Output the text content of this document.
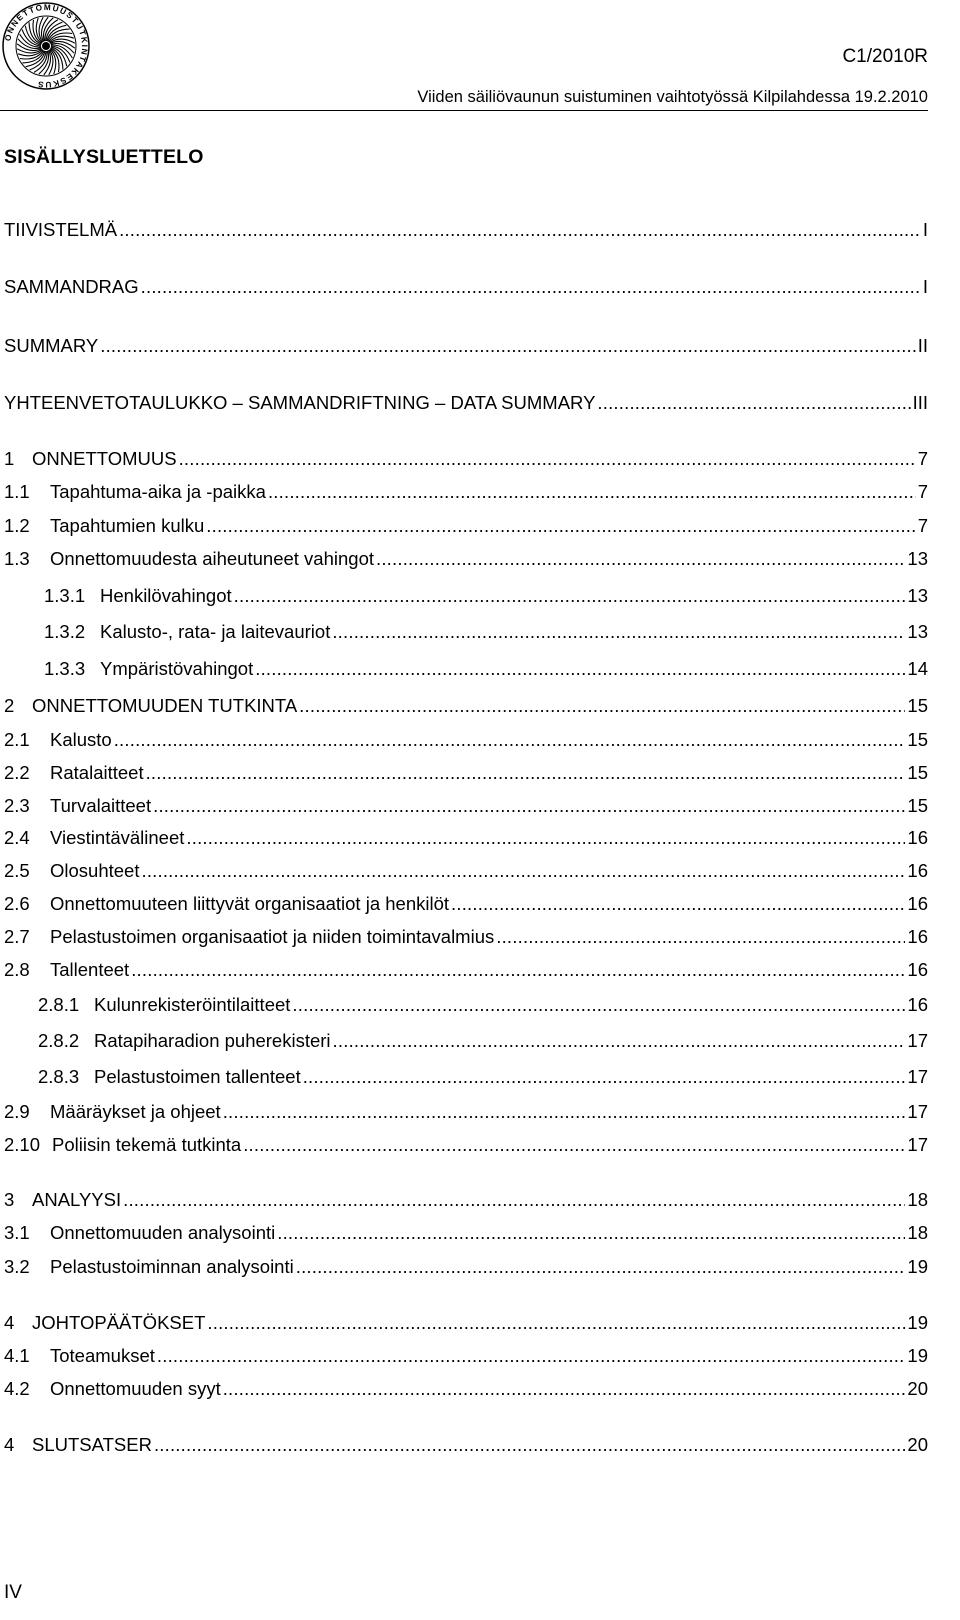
ONNETTOMUUSTUTKINTAKESKUS
C1/2010R
Viiden säiliövaunun suistuminen vaihtotyössä Kilpilahdessa 19.2.2010
SISÄLLYSLUETTELO
TIIVISTELMÄ .....	I
SAMMANDRAG .....	I
SUMMARY .....	II
YHTEENVETOTAULUKKO – SAMMANDRIFTNING – DATA SUMMARY .....	III
1 ONNETTOMUUS .....	7
1.1	Tapahtuma-aika ja -paikka .....	7
1.2	Tapahtumien kulku .....	7
1.3	Onnettomuudesta aiheutuneet vahingot .....	13
1.3.1 Henkilövahingot .....	13
1.3.2 Kalusto-, rata- ja laitevauriot .....	13
1.3.3 Ympäristövahingot .....	14
2 ONNETTOMUUDEN TUTKINTA .....	15
2.1	Kalusto .....	15
2.2	Ratalaitteet .....	15
2.3	Turvalaitteet .....	15
2.4	Viestintävälineet .....	16
2.5	Olosuhteet .....	16
2.6	Onnettomuuteen liittyvät organisaatiot ja henkilöt .....	16
2.7	Pelastustoimen organisaatiot ja niiden toimintavalmius .....	16
2.8	Tallenteet .....	16
2.8.1 Kulunrekisteröintilaitteet .....	16
2.8.2 Ratapiharadion puherekisteri .....	17
2.8.3 Pelastustoimen tallenteet .....	17
2.9	Määräykset ja ohjeet .....	17
2.10 Poliisin tekemä tutkinta .....	17
3 ANALYYSI .....	18
3.1	Onnettomuuden analysointi .....	18
3.2	Pelastustoiminnan analysointi .....	19
4 JOHTOPÄÄTÖKSET .....	19
4.1	Toteamukset .....	19
4.2	Onnettomuuden syyt .....	20
4 SLUTSATSER .....	20
IV
